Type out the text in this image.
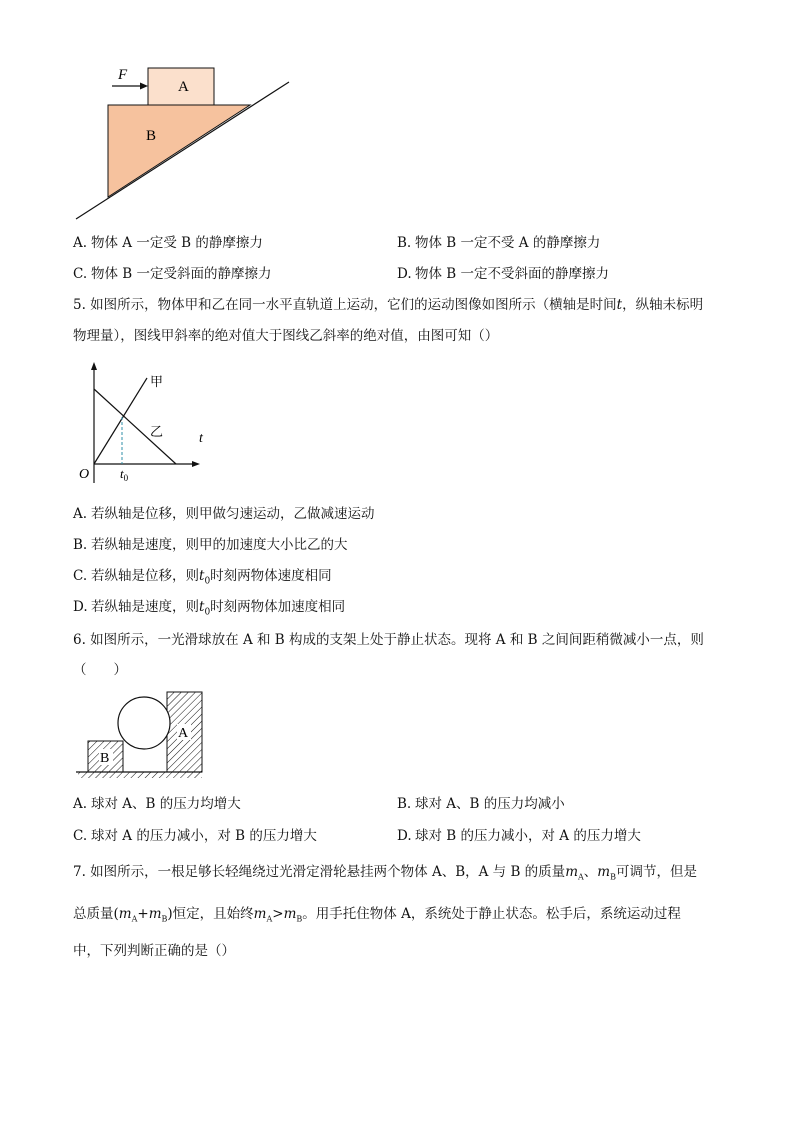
F
A
B
A. 物体 A 一定受 B 的静摩擦力	B. 物体 B 一定不受 A 的静摩擦力
C. 物体 B 一定受斜面的静摩擦力	D. 物体 B 一定不受斜面的静摩擦力
5. 如图所示，物体甲和乙在同一水平直轨道上运动，它们的运动图像如图所示（横轴是时间t，纵轴未标明
物理量），图线甲斜率的绝对值大于图线乙斜率的绝对值，由图可知（）
甲
乙
O
t
$t_0$
A. 若纵轴是位移，则甲做匀速运动，乙做减速运动
B. 若纵轴是速度，则甲的加速度大小比乙的大
C. 若纵轴是位移，则$t_0$时刻两物体速度相同
D. 若纵轴是速度，则$t_0$时刻两物体加速度相同
6. 如图所示，一光滑球放在 A 和 B 构成的支架上处于静止状态。现将 A 和 B 之间间距稍微减小一点，则
（　　）
B
A
A. 球对 A、B 的压力均增大	B. 球对 A、B 的压力均减小
C. 球对 A 的压力减小，对 B 的压力增大	D. 球对 B 的压力减小，对 A 的压力增大
7. 如图所示，一根足够长轻绳绕过光滑定滑轮悬挂两个物体 A、B，A 与 B 的质量$m_A$、$m_B$可调节，但是
总质量$(m_A+m_B)$恒定，且始终$m_A>m_B$。用手托住物体 A，系统处于静止状态。松手后，系统运动过程
中，下列判断正确的是（）
